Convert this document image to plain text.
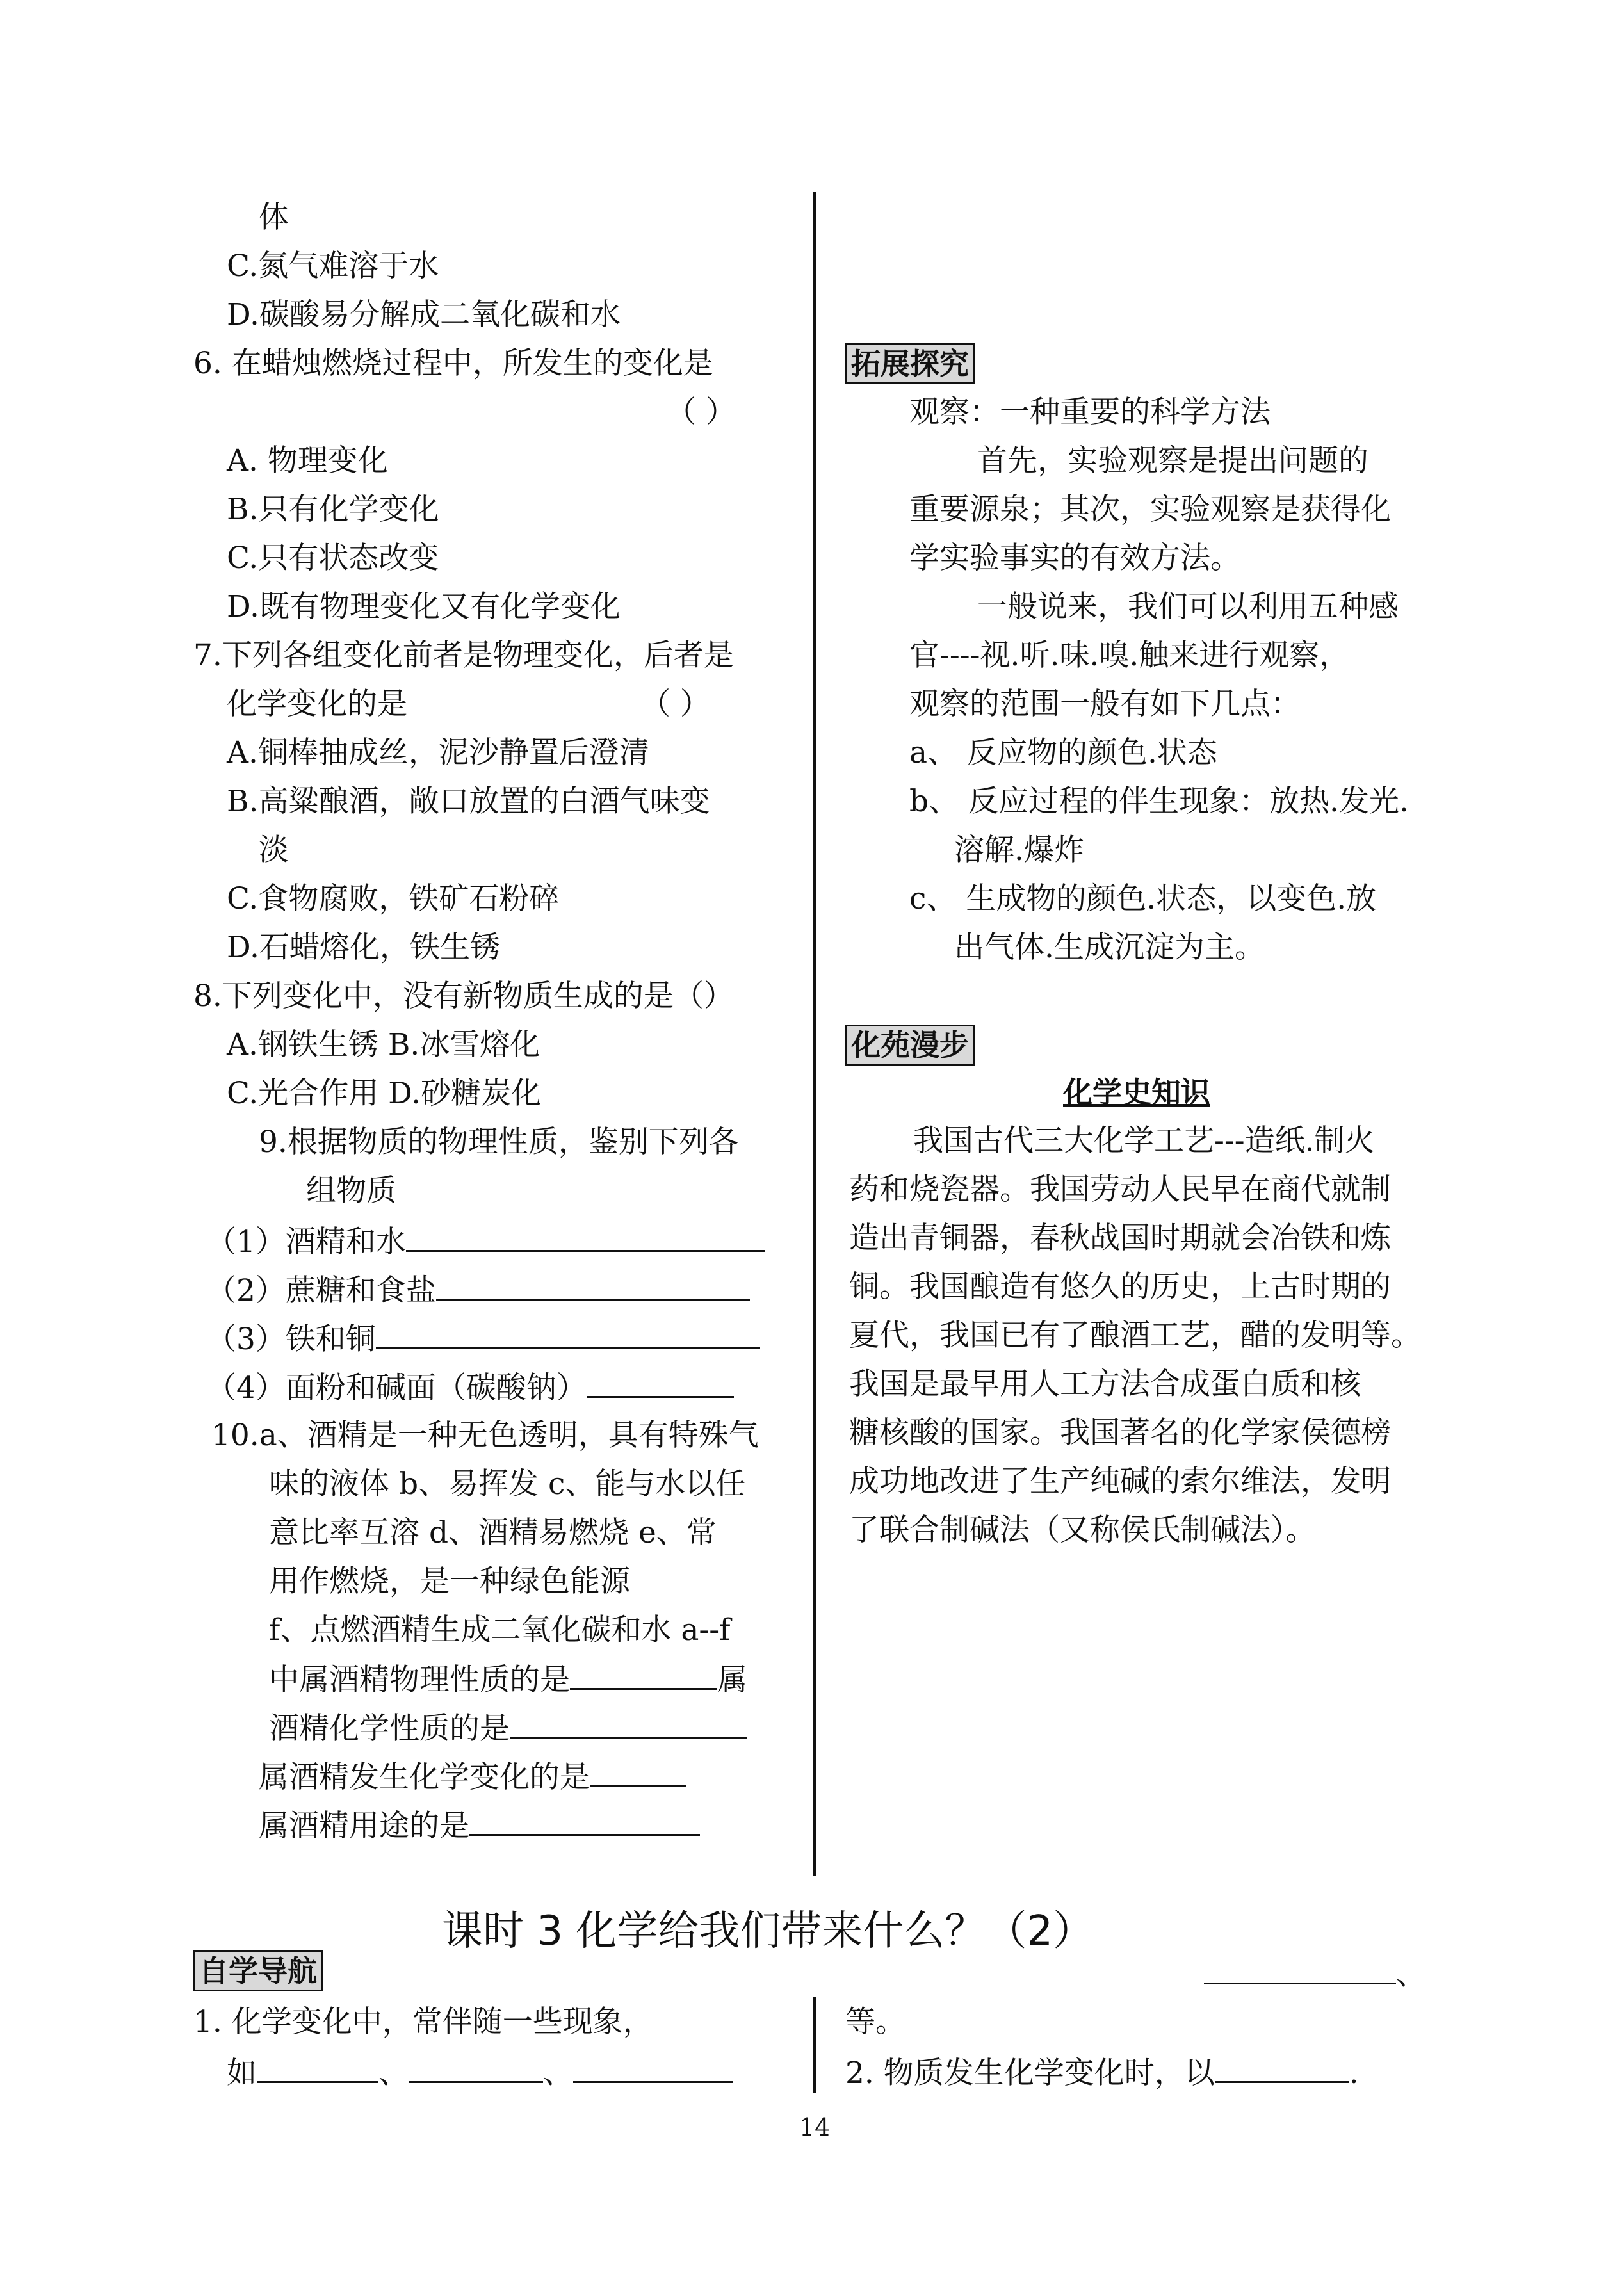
体
C.氮气难溶于水
D.碳酸易分解成二氧化碳和水
6. 在蜡烛燃烧过程中，所发生的变化是
（ ）
A. 物理变化
B.只有化学变化
C.只有状态改变
D.既有物理变化又有化学变化
7.下列各组变化前者是物理变化，后者是
化学变化的是	（ ）
A.铜棒抽成丝，泥沙静置后澄清
B.高粱酿酒，敞口放置的白酒气味变
淡
C.食物腐败，铁矿石粉碎
D.石蜡熔化，铁生锈
8.下列变化中，没有新物质生成的是（）
A.钢铁生锈 B.冰雪熔化
C.光合作用 D.砂糖炭化
9.根据物质的物理性质，鉴别下列各
组物质
（1）酒精和水
（2）蔗糖和食盐
（3）铁和铜
（4）面粉和碱面（碳酸钠）
10.a、酒精是一种无色透明，具有特殊气
味的液体 b、易挥发 c、能与水以任
意比率互溶 d、酒精易燃烧 e、常
用作燃烧，是一种绿色能源
f、点燃酒精生成二氧化碳和水 a--f
中属酒精物理性质的是	属
酒精化学性质的是
属酒精发生化学变化的是
属酒精用途的是
拓展探究
观察：一种重要的科学方法
首先，实验观察是提出问题的
重要源泉；其次，实验观察是获得化
学实验事实的有效方法。
一般说来，我们可以利用五种感
官----视.听.味.嗅.触来进行观察，
观察的范围一般有如下几点：
a、 反应物的颜色.状态
b、 反应过程的伴生现象：放热.发光.
溶解.爆炸
c、 生成物的颜色.状态，以变色.放
出气体.生成沉淀为主。
化苑漫步
化学史知识
我国古代三大化学工艺---造纸.制火
药和烧瓷器。我国劳动人民早在商代就制
造出青铜器，春秋战国时期就会冶铁和炼
铜。我国酿造有悠久的历史，上古时期的
夏代，我国已有了酿酒工艺，醋的发明等。
我国是最早用人工方法合成蛋白质和核
糖核酸的国家。我国著名的化学家侯德榜
成功地改进了生产纯碱的索尔维法，发明
了联合制碱法（又称侯氏制碱法）。
课时 3 化学给我们带来什么？（2）
自学导航	、
1. 化学变化中，常伴随一些现象，
如	、	、
等。
2. 物质发生化学变化时，以	.
14
